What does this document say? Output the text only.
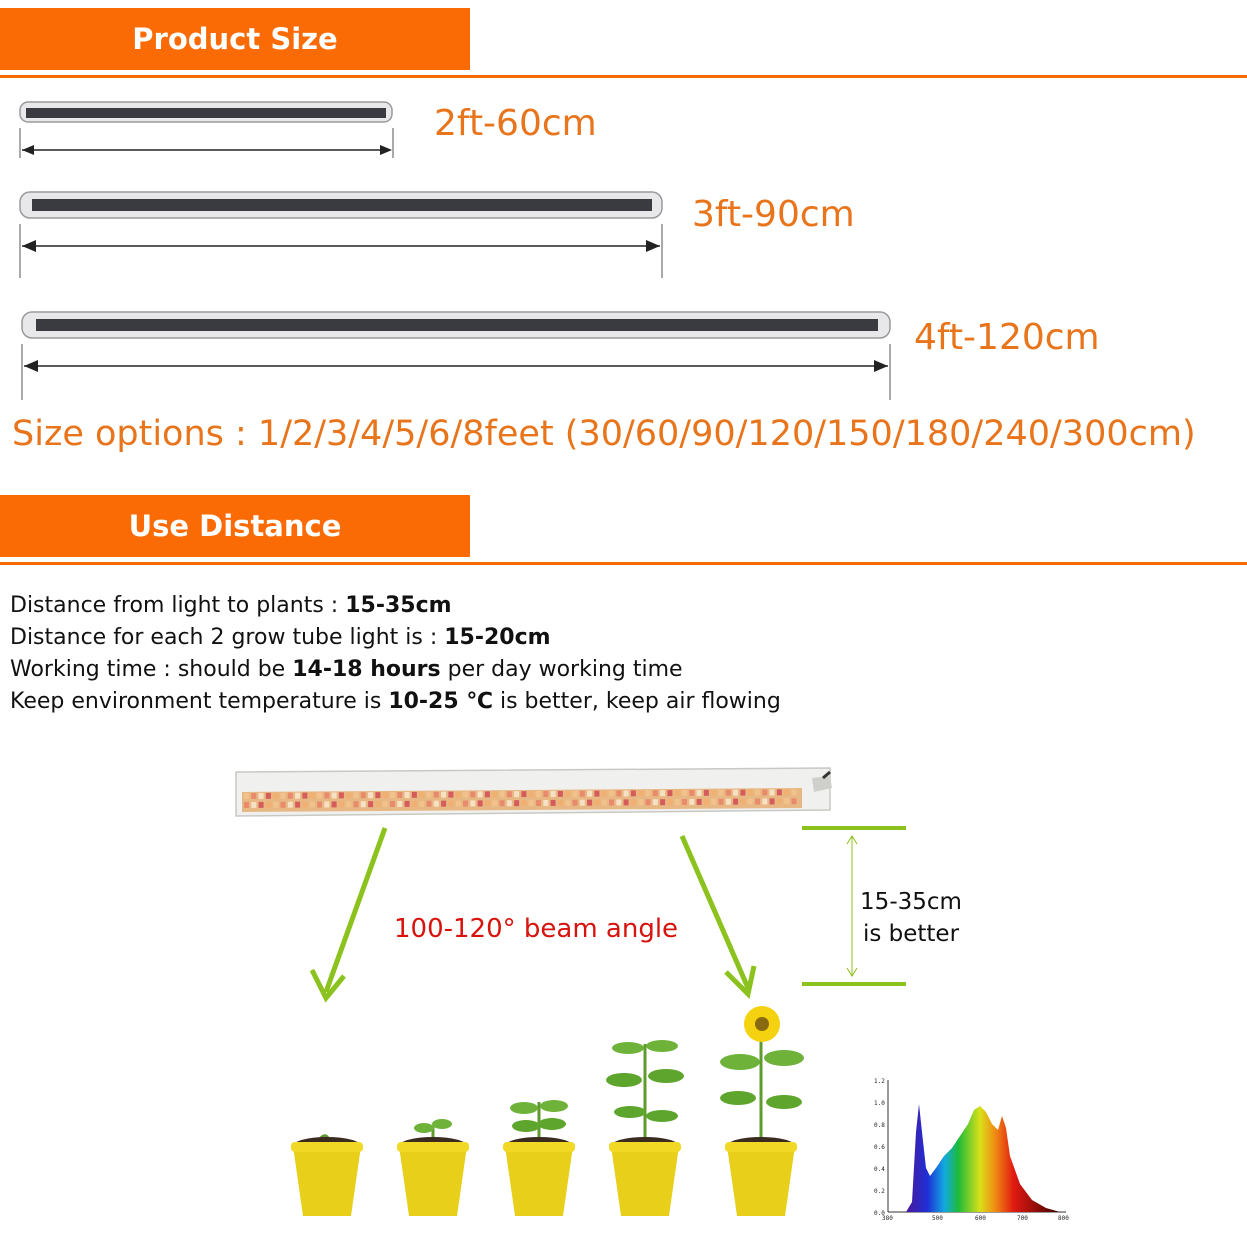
Product Size
2ft-60cm
3ft-90cm
4ft-120cm
Size options : 1/2/3/4/5/6/8feet (30/60/90/120/150/180/240/300cm)
Use Distance
Distance from light to plants : 15-35cm
Distance for each 2 grow tube light is : 15-20cm
Working time : should be 14-18 hours per day working time
Keep environment temperature is 10-25 ℃ is better, keep air flowing
100-120° beam angle
15-35cm
is better
1.2
1.0
0.8
0.6
0.4
0.2
0.0
380	500	600	700	800
